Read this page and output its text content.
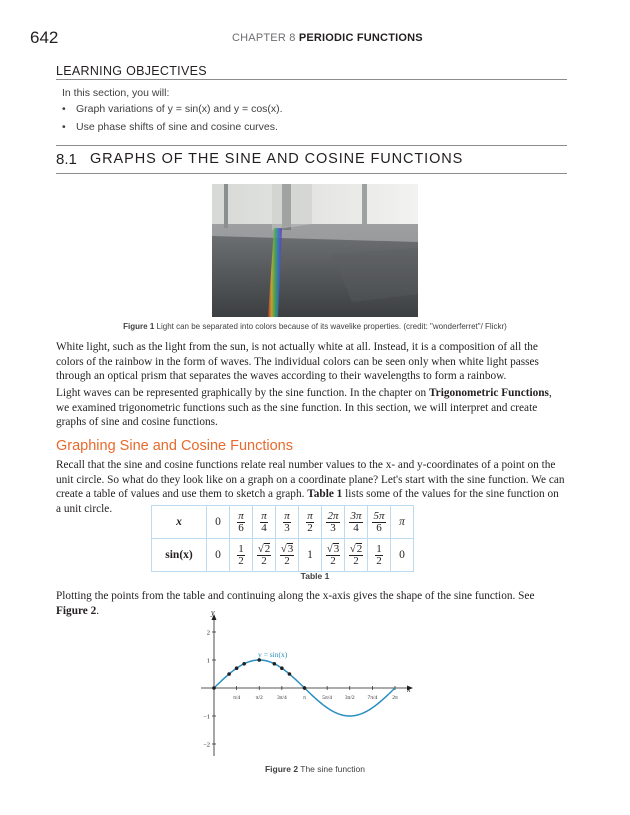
642	CHAPTER 8 PERIODIC FUNCTIONS
LEARNING OBJECTIVES
In this section, you will:
• Graph variations of y = sin(x) and y = cos(x).
• Use phase shifts of sine and cosine curves.
8.1 GRAPHS OF THE SINE AND COSINE FUNCTIONS
Figure 1 Light can be separated into colors because of its wavelike properties. (credit: "wonderferret"/ Flickr)
White light, such as the light from the sun, is not actually white at all. Instead, it is a composition of all the colors of the rainbow in the form of waves. The individual colors can be seen only when white light passes through an optical prism that separates the waves according to their wavelengths to form a rainbow.
Light waves can be represented graphically by the sine function. In the chapter on Trigonometric Functions, we examined trigonometric functions such as the sine function. In this section, we will interpret and create graphs of sine and cosine functions.
Graphing Sine and Cosine Functions
Recall that the sine and cosine functions relate real number values to the x- and y-coordinates of a point on the unit circle. So what do they look like on a graph on a coordinate plane? Let's start with the sine function. We can create a table of values and use them to sketch a graph. Table 1 lists some of the values for the sine function on a unit circle.
x	0	$\frac{\pi}{6}$	$\frac{\pi}{4}$	$\frac{\pi}{3}$	$\frac{\pi}{2}$	$\frac{2\pi}{3}$	$\frac{3\pi}{4}$	$\frac{5\pi}{6}$	π
sin(x)	0	$\frac{1}{2}$	$\frac{√2}{2}$	$\frac{√3}{2}$	1	$\frac{√3}{2}$	$\frac{√2}{2}$	$\frac{1}{2}$	0
Table 1
Plotting the points from the table and continuing along the x-axis gives the shape of the sine function. See Figure 2.
x
y
2
1
−1
−2
π/4	π/2	3π/4	π	5π/4 3π/2 7π/4	2π
y = sin(x)
Figure 2 The sine function
